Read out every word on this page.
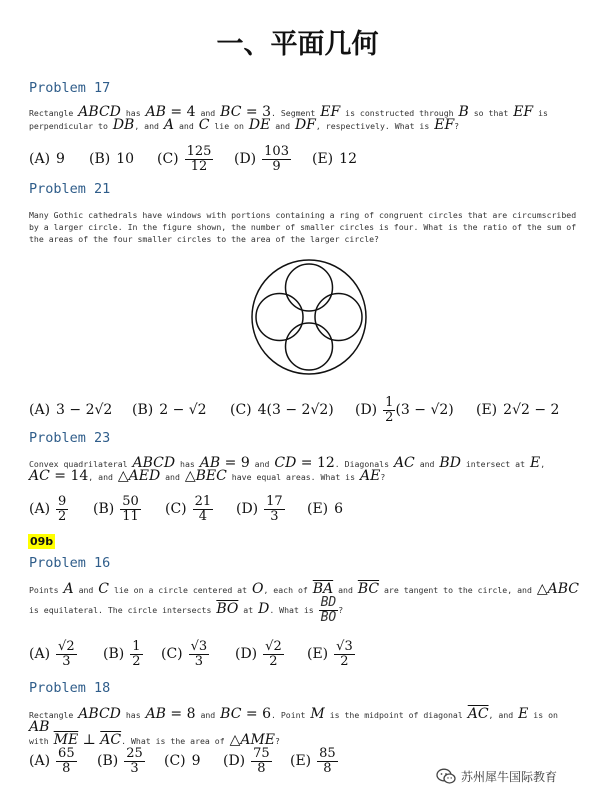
一、平面几何
Problem 17
Rectangle ABCD has AB = 4 and BC = 3. Segment EF is constructed through B so that EF is
perpendicular to DB, and A and C lie on DE and DF, respectively. What is EF?
(A) 9 (B) 10 $(C) \frac{125}{12} (D) \frac{103}{9} (E)$ 12
Problem 21
Many Gothic cathedrals have windows with portions containing a ring of congruent circles that are circumscribed by a larger circle. In the figure shown, the number of smaller circles is four. What is the ratio of the sum of the areas of the four smaller circles to the area of the larger circle?
(A) 3 − 2√2 (B) 2 − √2 (C) 4(3 − 2√2) $(D) \frac{1}{2} (3 - √2)$ (E) 2√2 − 2
Problem 23
Convex quadrilateral ABCD has AB = 9 and CD = 12. Diagonals AC and BD intersect at E,
AC = 14, and △AED and △BEC have equal areas. What is AE?
$(A) \frac{9}{2} (B) \frac{50}{11} (C) \frac{21}{4} (D) \frac{17}{3} (E)$ 6
09b
Problem 16
Points A and C lie on a circle centered at O, each of $\overline{BA}$ and $\overline{BC}$ are tangent to the circle, and △ABC
is equilateral. The circle intersects $\overline{BO}$ at D. What is $\frac{BD}{BO}$ ?
$(A) \frac{√2}{3} (B) \frac{1}{2} (C) \frac{√3}{3} (D) \frac{√2}{2} (E) \frac{√3}{2}$
Problem 18
Rectangle ABCD has AB = 8 and BC = 6. Point M is the midpoint of diagonal $\overline{AC}$, and E is on AB
with $\overline{ME}$ ⊥ $\overline{AC}$. What is the area of △AME?
$(A) \frac{65}{8} (B) \frac{25}{3} (C)$ 9 $(D) \frac{75}{8} (E) \frac{85}{8}$
苏州犀牛国际教育
